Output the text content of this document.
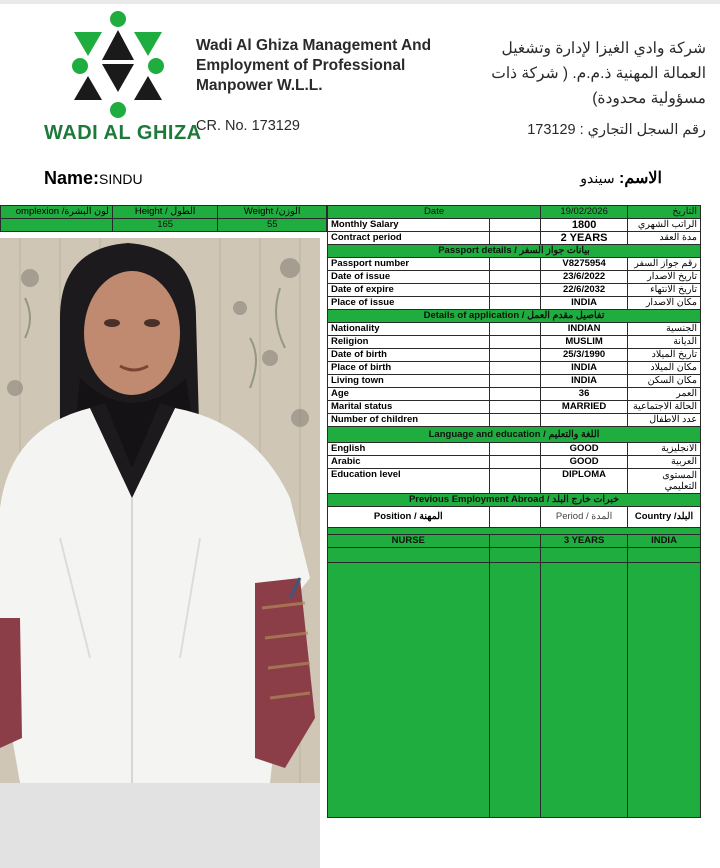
WADI AL GHIZA
Wadi Al Ghiza Management And Employment of Professional Manpower W.L.L.
CR. No. 173129
شركة وادي الغيزا لإدارة وتشغيل العمالة المهنية ذ.م.م. ( شركة ذات مسؤولية محدودة)
رقم السجل التجاري : 173129
Name:SINDU	الاسم: سيندو
omplexion /لون البشرة	Height / الطول	Weight /الوزن
	165	55
Date		19/02/2026	التاريخ
Monthly Salary		1800	الراتب الشهري
Contract period		2 YEARS	مدة العقد
Passport details / بيانات جواز السفر			
Passport number		V8275954	رقم جواز السفر
Date of issue		23/6/2022	تاريخ الاصدار
Date of expire		22/6/2032	تاريخ الانتهاء
Place of issue		INDIA	مكان الاصدار
Details of application / تفاصيل مقدم العمل			
Nationality		INDIAN	الجنسية
Religion		MUSLIM	الديانة
Date of birth		25/3/1990	تاريخ الميلاد
Place of birth		INDIA	مكان الميلاد
Living town		INDIA	مكان السكن
Age		36	العمر
Marital status		MARRIED	الحالة الاجتماعية
Number of children			عدد الاطفال
Language and education / اللغة والتعليم			
English		GOOD	الانجليزية
Arabic		GOOD	العربية
Education level		DIPLOMA	المستوى التعليمي
Previous Employment Abroad / خبرات خارج البلد			
Position / المهنة		Period / المدة	Country /البلد

NURSE		3 YEARS	INDIA
